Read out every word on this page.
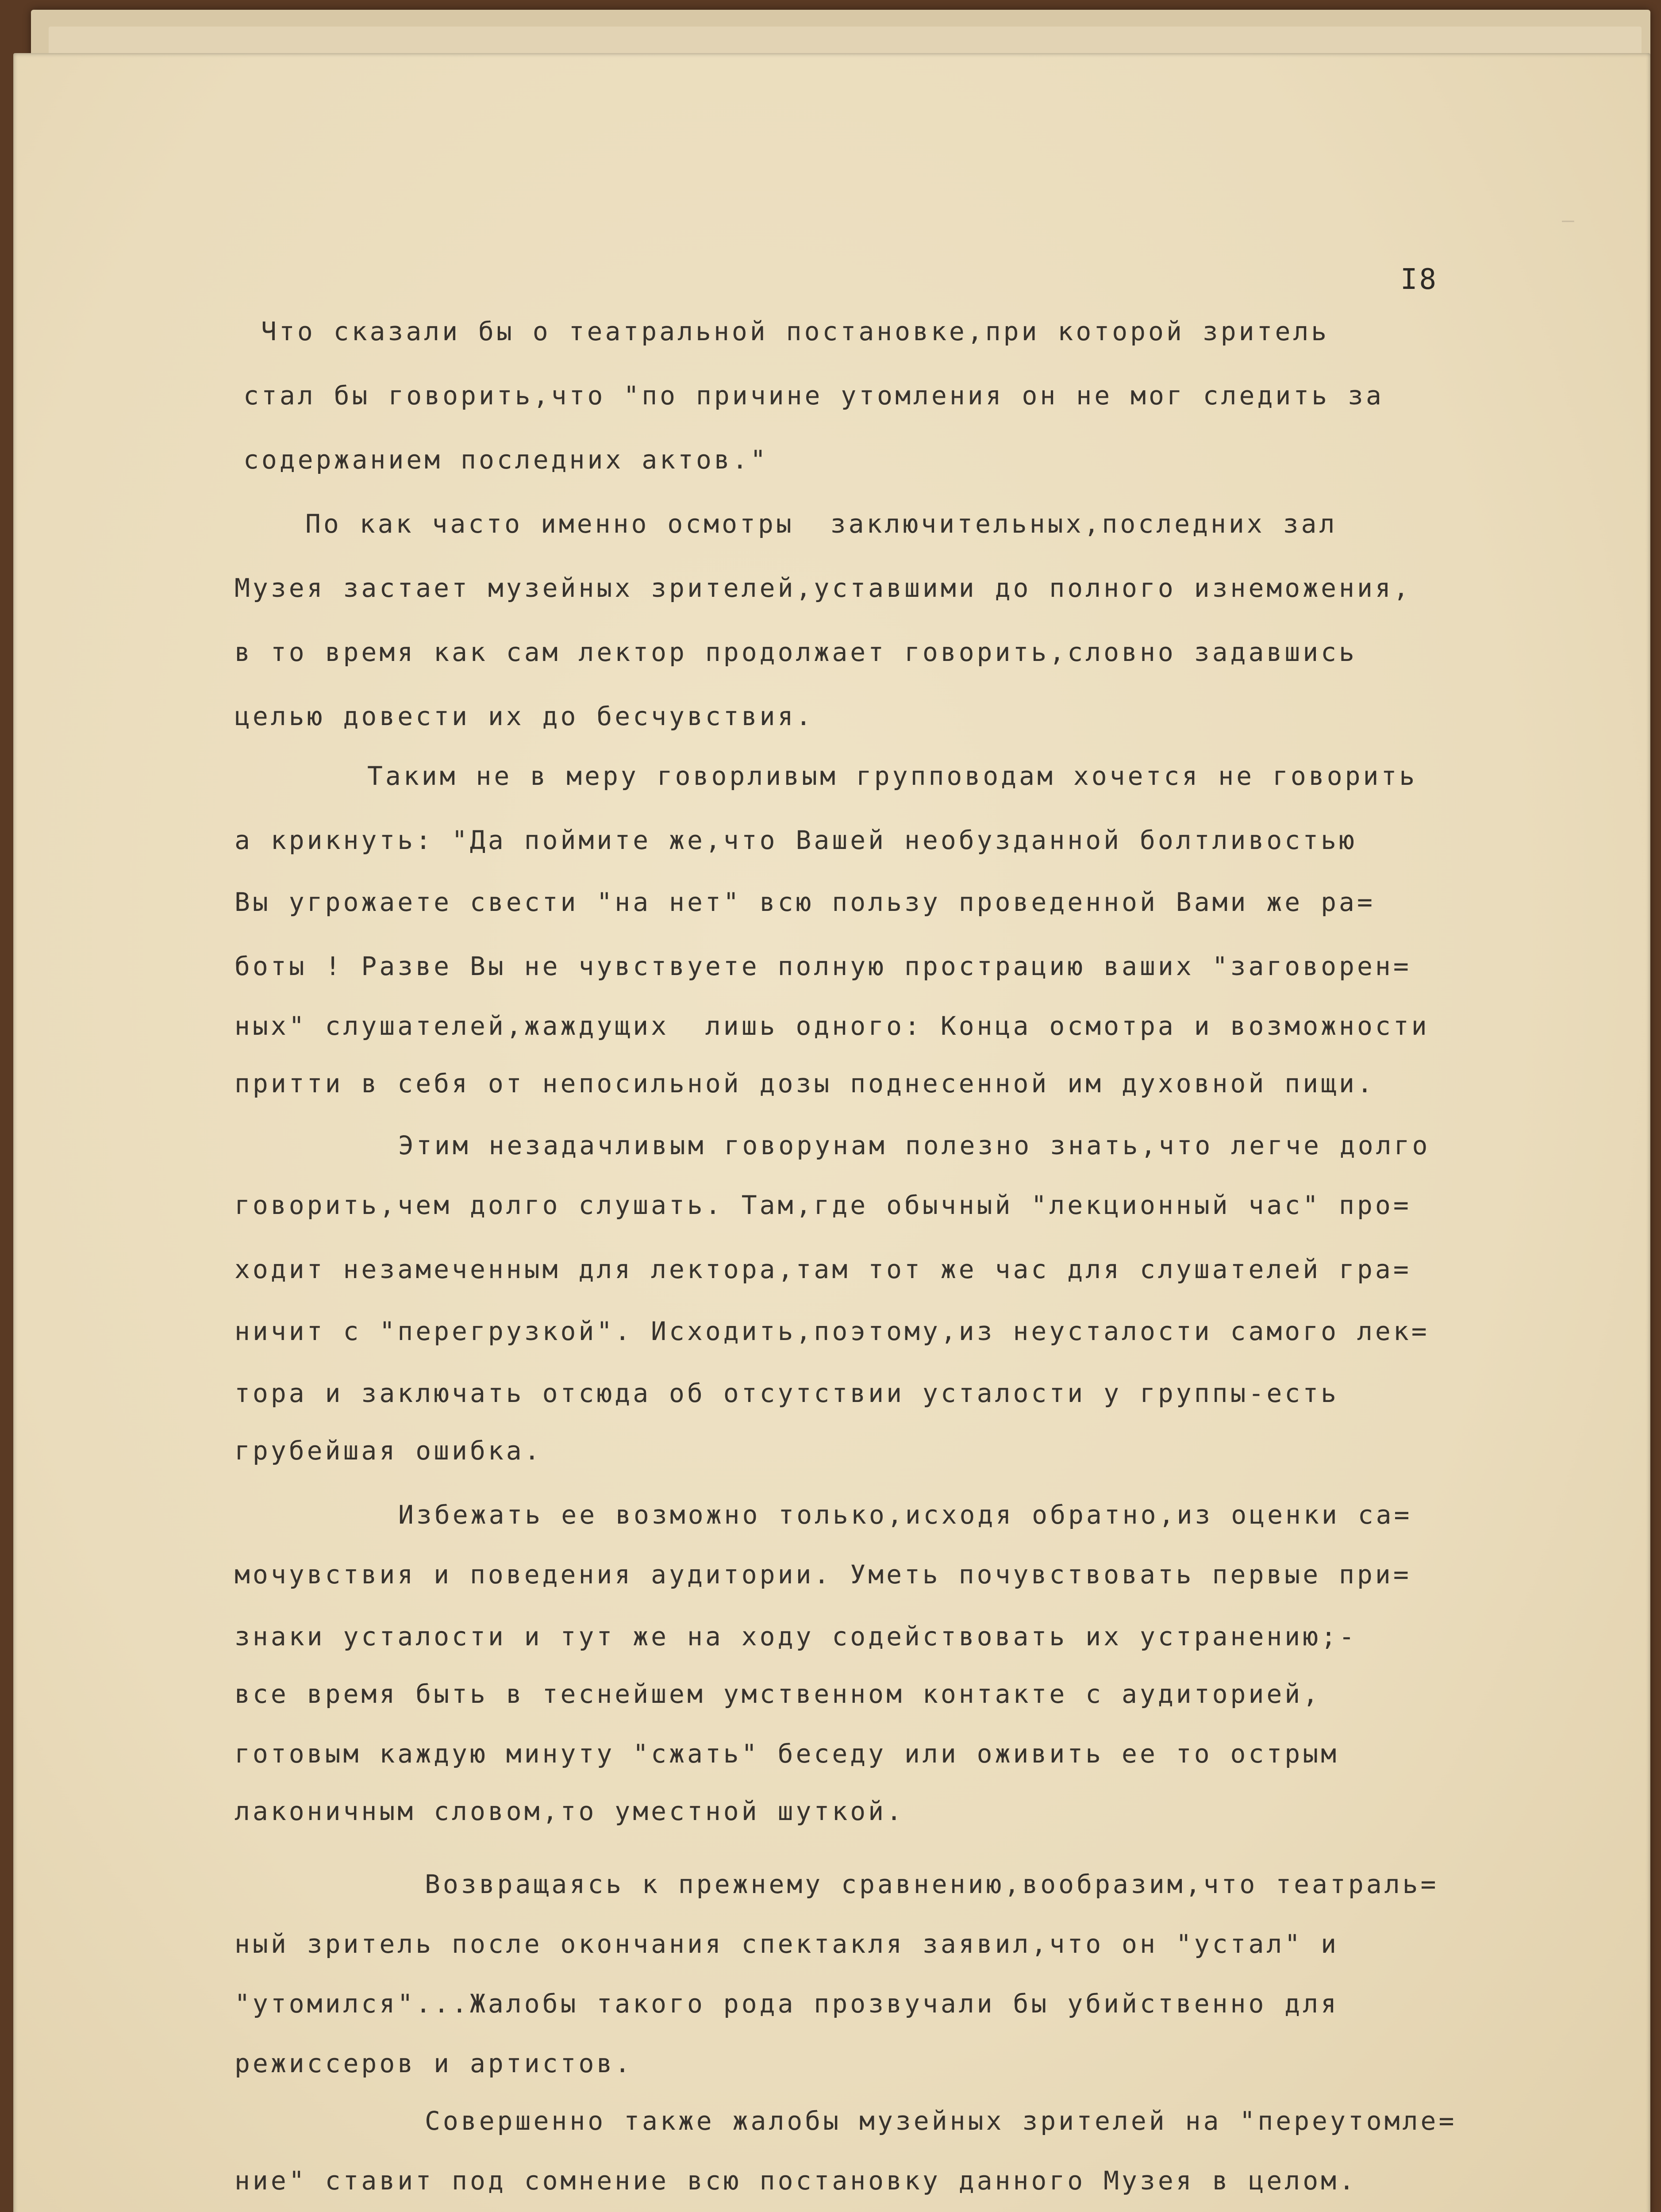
I8
—
Что сказали бы о театральной постановке,при которой зритель
стал бы говорить,что "по причине утомления он не мог следить за
содержанием последних актов."
По как часто именно осмотры  заключительных,последних зал
Музея застает музейных зрителей,уставшими до полного изнеможения,
в то время как сам лектор продолжает говорить,словно задавшись
целью довести их до бесчувствия.
Таким не в меру говорливым групповодам хочется не говорить
а крикнуть: "Да поймите же,что Вашей необузданной болтливостью
Вы угрожаете свести "на нет" всю пользу проведенной Вами же ра=
боты ! Разве Вы не чувствуете полную прострацию ваших "заговорен=
ных" слушателей,жаждущих  лишь одного: Конца осмотра и возможности
притти в себя от непосильной дозы поднесенной им духовной пищи.
Этим незадачливым говорунам полезно знать,что легче долго
говорить,чем долго слушать. Там,где обычный "лекционный час" про=
ходит незамеченным для лектора,там тот же час для слушателей гра=
ничит с "перегрузкой". Исходить,поэтому,из неусталости самого лек=
тора и заключать отсюда об отсутствии усталости у группы-есть
грубейшая ошибка.
Избежать ее возможно только,исходя обратно,из оценки са=
мочувствия и поведения аудитории. Уметь почувствовать первые при=
знаки усталости и тут же на ходу содействовать их устранению;-
все время быть в теснейшем умственном контакте с аудиторией,
готовым каждую минуту "сжать" беседу или оживить ее то острым
лаконичным словом,то уместной шуткой.
Возвращаясь к прежнему сравнению,вообразим,что театраль=
ный зритель после окончания спектакля заявил,что он "устал" и
"утомился"...Жалобы такого рода прозвучали бы убийственно для
режиссеров и артистов.
Совершенно также жалобы музейных зрителей на "переутомле=
ние" ставит под сомнение всю постановку данного Музея в целом.
